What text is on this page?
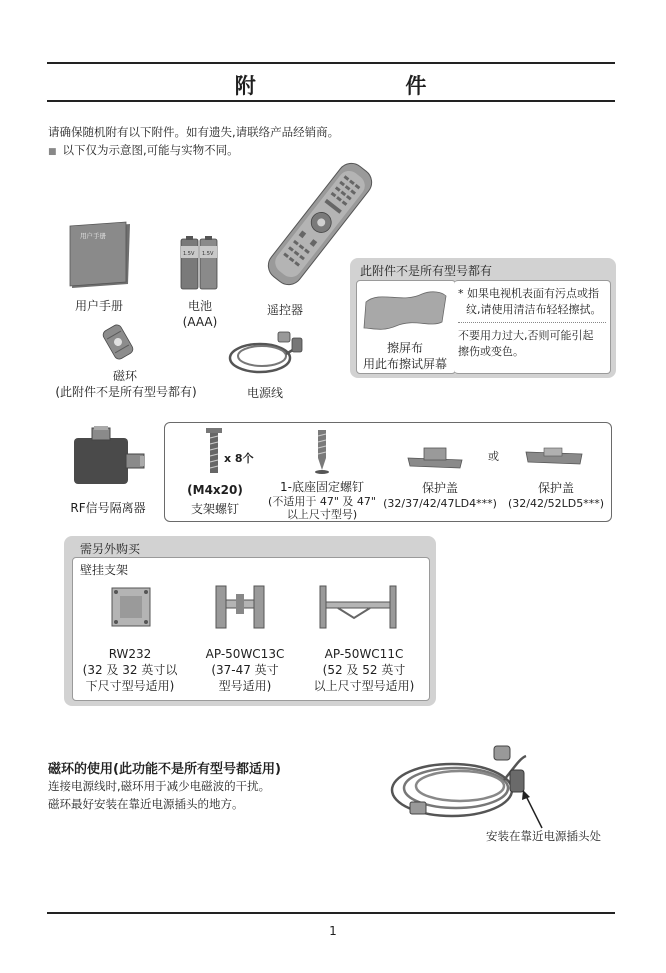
附	件
请确保随机附有以下附件。如有遗失,请联络产品经销商。
■ 以下仅为示意图,可能与实物不同。
用户手册
用户手册
1.5V 1.5V
电池
(AAA)
遥控器
此附件不是所有型号都有
擦屏布
用此布擦试屏幕
* 如果电视机表面有污点或指
纹,请使用清洁布轻轻擦拭。
不要用力过大,否则可能引起
擦伤或变色。
磁环
(此附件不是所有型号都有)	电源线
RF信号隔离器
x 8个
(M4x20)
支架螺钉
1-底座固定螺钉
(不适用于 47" 及 47"
以上尺寸型号)
或
保护盖
(32/37/42/47LD4***)
保护盖
(32/42/52LD5***)
需另外购买
壁挂支架
RW232
(32 及 32 英寸以
下尺寸型号适用)
AP-50WC13C
(37-47 英寸
型号适用)
AP-50WC11C
(52 及 52 英寸
以上尺寸型号适用)
磁环的使用(此功能不是所有型号都适用)
连接电源线时,磁环用于减少电磁波的干扰。
磁环最好安装在靠近电源插头的地方。
安装在靠近电源插头处
1
